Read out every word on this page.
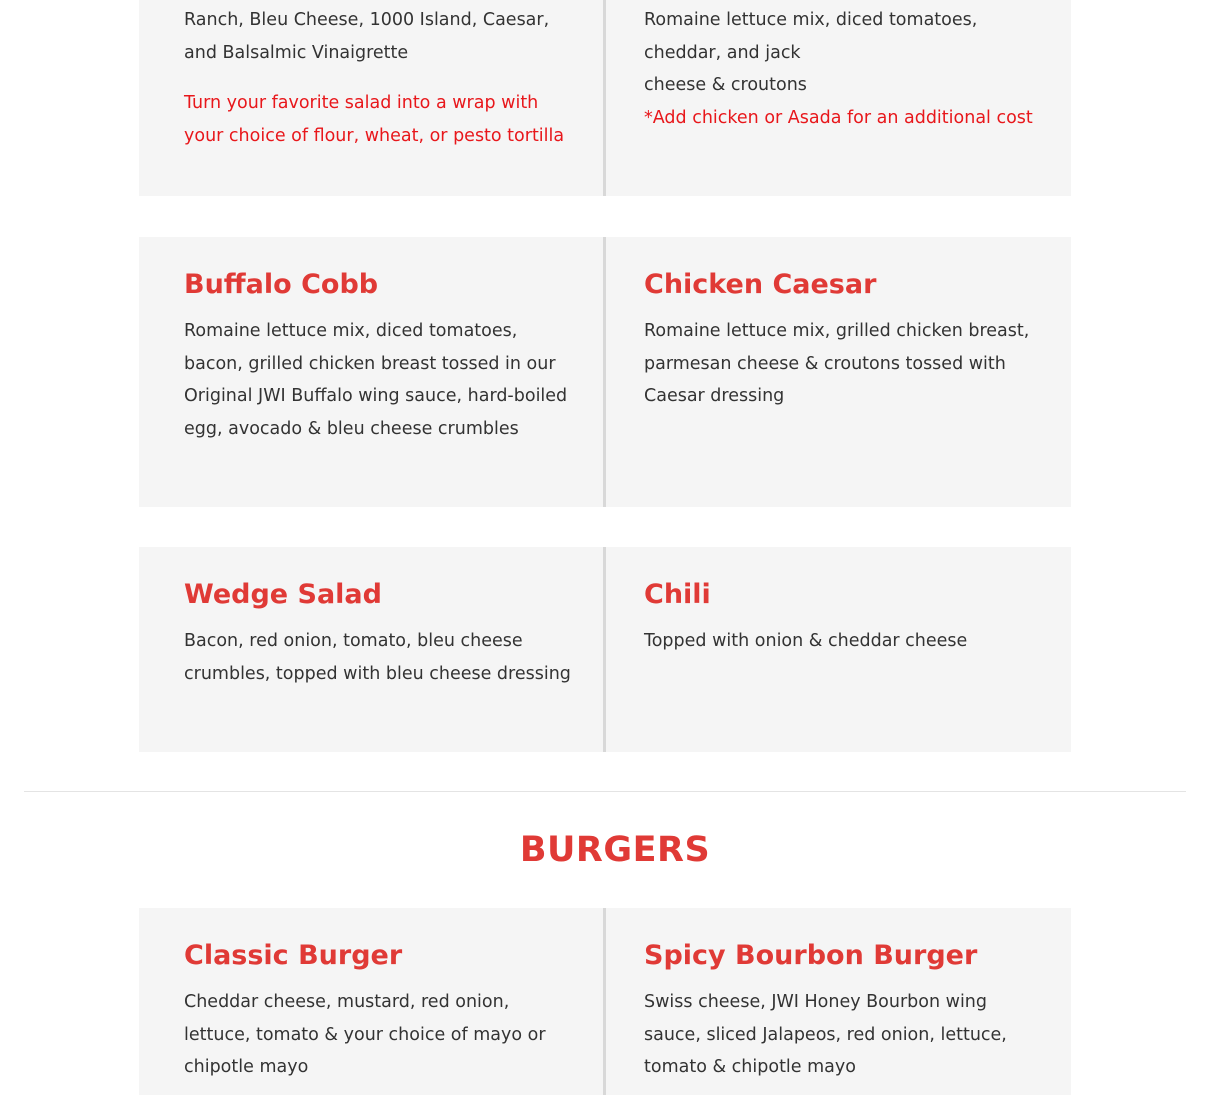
Ranch, Bleu Cheese, 1000 Island, Caesar,

and Balsalmic Vinaigrette

Turn your favorite salad into a wrap with your choice of flour, wheat, or pesto tortilla

Romaine lettuce mix, diced tomatoes,

cheddar, and jack

cheese & croutons

*Add chicken or Asada for an additional cost

Buffalo Cobb

Romaine lettuce mix, diced tomatoes, bacon, grilled chicken breast tossed in our Original JWI Buffalo wing sauce, hard-boiled egg, avocado & bleu cheese crumbles

Chicken Caesar

Romaine lettuce mix, grilled chicken breast, parmesan cheese & croutons tossed with Caesar dressing

Wedge Salad

Bacon, red onion, tomato, bleu cheese crumbles, topped with bleu cheese dressing

Chili

Topped with onion & cheddar cheese

BURGERS
Classic Burger

Cheddar cheese, mustard, red onion, lettuce, tomato & your choice of mayo or chipotle mayo

Spicy Bourbon Burger

Swiss cheese, JWI Honey Bourbon wing sauce, sliced Jalapeos, red onion, lettuce, tomato & chipotle mayo
